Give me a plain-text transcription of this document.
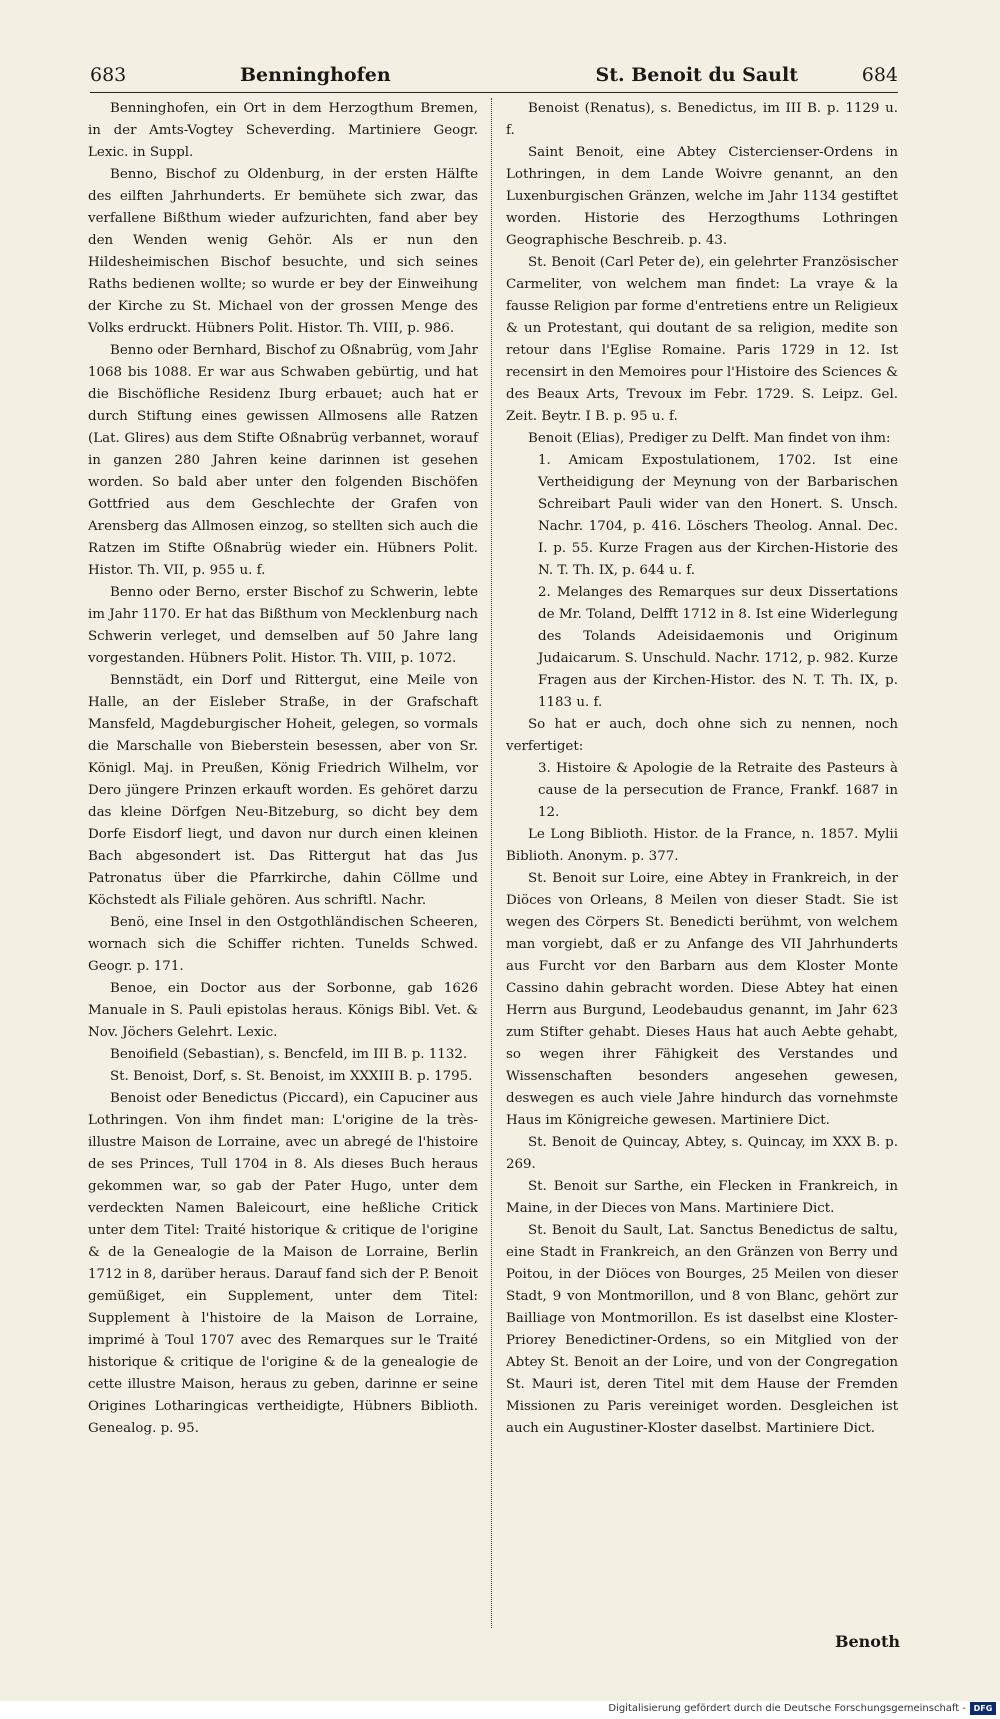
683	Benninghofen	St. Benoit du Sault	684

Benninghofen, ein Ort in dem Herzogthum Bremen, in der Amts-Vogtey Scheverding. Martiniere Geogr. Lexic. in Suppl.

Benno, Bischof zu Oldenburg, in der ersten Hälfte des eilften Jahrhunderts. Er bemühete sich zwar, das verfallene Bißthum wieder aufzurichten, fand aber bey den Wenden wenig Gehör. Als er nun den Hildesheimischen Bischof besuchte, und sich seines Raths bedienen wollte; so wurde er bey der Einweihung der Kirche zu St. Michael von der grossen Menge des Volks erdruckt. Hübners Polit. Histor. Th. VIII, p. 986.

Benno oder Bernhard, Bischof zu Oßnabrüg, vom Jahr 1068 bis 1088. Er war aus Schwaben gebürtig, und hat die Bischöfliche Residenz Iburg erbauet; auch hat er durch Stiftung eines gewissen Allmosens alle Ratzen (Lat. Glires) aus dem Stifte Oßnabrüg verbannet, worauf in ganzen 280 Jahren keine darinnen ist gesehen worden. So bald aber unter den folgenden Bischöfen Gottfried aus dem Geschlechte der Grafen von Arensberg das Allmosen einzog, so stellten sich auch die Ratzen im Stifte Oßnabrüg wieder ein. Hübners Polit. Histor. Th. VII, p. 955 u. f.

Benno oder Berno, erster Bischof zu Schwerin, lebte im Jahr 1170. Er hat das Bißthum von Mecklenburg nach Schwerin verleget, und demselben auf 50 Jahre lang vorgestanden. Hübners Polit. Histor. Th. VIII, p. 1072.

Bennstädt, ein Dorf und Rittergut, eine Meile von Halle, an der Eisleber Straße, in der Grafschaft Mansfeld, Magdeburgischer Hoheit, gelegen, so vormals die Marschalle von Bieberstein besessen, aber von Sr. Königl. Maj. in Preußen, König Friedrich Wilhelm, vor Dero jüngere Prinzen erkauft worden. Es gehöret darzu das kleine Dörfgen Neu-Bitzeburg, so dicht bey dem Dorfe Eisdorf liegt, und davon nur durch einen kleinen Bach abgesondert ist. Das Rittergut hat das Jus Patronatus über die Pfarrkirche, dahin Cöllme und Köchstedt als Filiale gehören. Aus schriftl. Nachr.

Benö, eine Insel in den Ostgothländischen Scheeren, wornach sich die Schiffer richten. Tunelds Schwed. Geogr. p. 171.

Benoe, ein Doctor aus der Sorbonne, gab 1626 Manuale in S. Pauli epistolas heraus. Königs Bibl. Vet. & Nov. Jöchers Gelehrt. Lexic.

Benoifield (Sebastian), s. Bencfeld, im III B. p. 1132.

St. Benoist, Dorf, s. St. Benoist, im XXXIII B. p. 1795.

Benoist oder Benedictus (Piccard), ein Capuciner aus Lothringen. Von ihm findet man: L'origine de la très-illustre Maison de Lorraine, avec un abregé de l'histoire de ses Princes, Tull 1704 in 8. Als dieses Buch heraus gekommen war, so gab der Pater Hugo, unter dem verdeckten Namen Baleicourt, eine heßliche Critick unter dem Titel: Traité historique & critique de l'origine & de la Genealogie de la Maison de Lorraine, Berlin 1712 in 8, darüber heraus. Darauf fand sich der P. Benoit gemüßiget, ein Supplement, unter dem Titel: Supplement à l'histoire de la Maison de Lorraine, imprimé à Toul 1707 avec des Remarques sur le Traité historique & critique de l'origine & de la genealogie de cette illustre Maison, heraus zu geben, darinne er seine Origines Lotharingicas vertheidigte, Hübners Biblioth. Genealog. p. 95.

Benoist (Renatus), s. Benedictus, im III B. p. 1129 u. f.

Saint Benoit, eine Abtey Cistercienser-Ordens in Lothringen, in dem Lande Woivre genannt, an den Luxenburgischen Gränzen, welche im Jahr 1134 gestiftet worden. Historie des Herzogthums Lothringen Geographische Beschreib. p. 43.

St. Benoit (Carl Peter de), ein gelehrter Französischer Carmeliter, von welchem man findet: La vraye & la fausse Religion par forme d'entretiens entre un Religieux & un Protestant, qui doutant de sa religion, medite son retour dans l'Eglise Romaine. Paris 1729 in 12. Ist recensirt in den Memoires pour l'Histoire des Sciences & des Beaux Arts, Trevoux im Febr. 1729. S. Leipz. Gel. Zeit. Beytr. I B. p. 95 u. f.

Benoit (Elias), Prediger zu Delft. Man findet von ihm:

1. Amicam Expostulationem, 1702. Ist eine Vertheidigung der Meynung von der Barbarischen Schreibart Pauli wider van den Honert. S. Unsch. Nachr. 1704, p. 416. Löschers Theolog. Annal. Dec. I. p. 55. Kurze Fragen aus der Kirchen-Historie des N. T. Th. IX, p. 644 u. f.

2. Melanges des Remarques sur deux Dissertations de Mr. Toland, Delfft 1712 in 8. Ist eine Widerlegung des Tolands Adeisidaemonis und Originum Judaicarum. S. Unschuld. Nachr. 1712, p. 982. Kurze Fragen aus der Kirchen-Histor. des N. T. Th. IX, p. 1183 u. f.

So hat er auch, doch ohne sich zu nennen, noch verfertiget:

3. Histoire & Apologie de la Retraite des Pasteurs à cause de la persecution de France, Frankf. 1687 in 12.

Le Long Biblioth. Histor. de la France, n. 1857. Mylii Biblioth. Anonym. p. 377.

St. Benoit sur Loire, eine Abtey in Frankreich, in der Diöces von Orleans, 8 Meilen von dieser Stadt. Sie ist wegen des Cörpers St. Benedicti berühmt, von welchem man vorgiebt, daß er zu Anfange des VII Jahrhunderts aus Furcht vor den Barbarn aus dem Kloster Monte Cassino dahin gebracht worden. Diese Abtey hat einen Herrn aus Burgund, Leodebaudus genannt, im Jahr 623 zum Stifter gehabt. Dieses Haus hat auch Aebte gehabt, so wegen ihrer Fähigkeit des Verstandes und Wissenschaften besonders angesehen gewesen, deswegen es auch viele Jahre hindurch das vornehmste Haus im Königreiche gewesen. Martiniere Dict.

St. Benoit de Quincay, Abtey, s. Quincay, im XXX B. p. 269.

St. Benoit sur Sarthe, ein Flecken in Frankreich, in Maine, in der Dieces von Mans. Martiniere Dict.

St. Benoit du Sault, Lat. Sanctus Benedictus de saltu, eine Stadt in Frankreich, an den Gränzen von Berry und Poitou, in der Diöces von Bourges, 25 Meilen von dieser Stadt, 9 von Montmorillon, und 8 von Blanc, gehört zur Bailliage von Montmorillon. Es ist daselbst eine Kloster-Priorey Benedictiner-Ordens, so ein Mitglied von der Abtey St. Benoit an der Loire, und von der Congregation St. Mauri ist, deren Titel mit dem Hause der Fremden Missionen zu Paris vereiniget worden. Desgleichen ist auch ein Augustiner-Kloster daselbst. Martiniere Dict.

Benoth
Digitalisierung gefördert durch die Deutsche Forschungsgemeinschaft - DFG
